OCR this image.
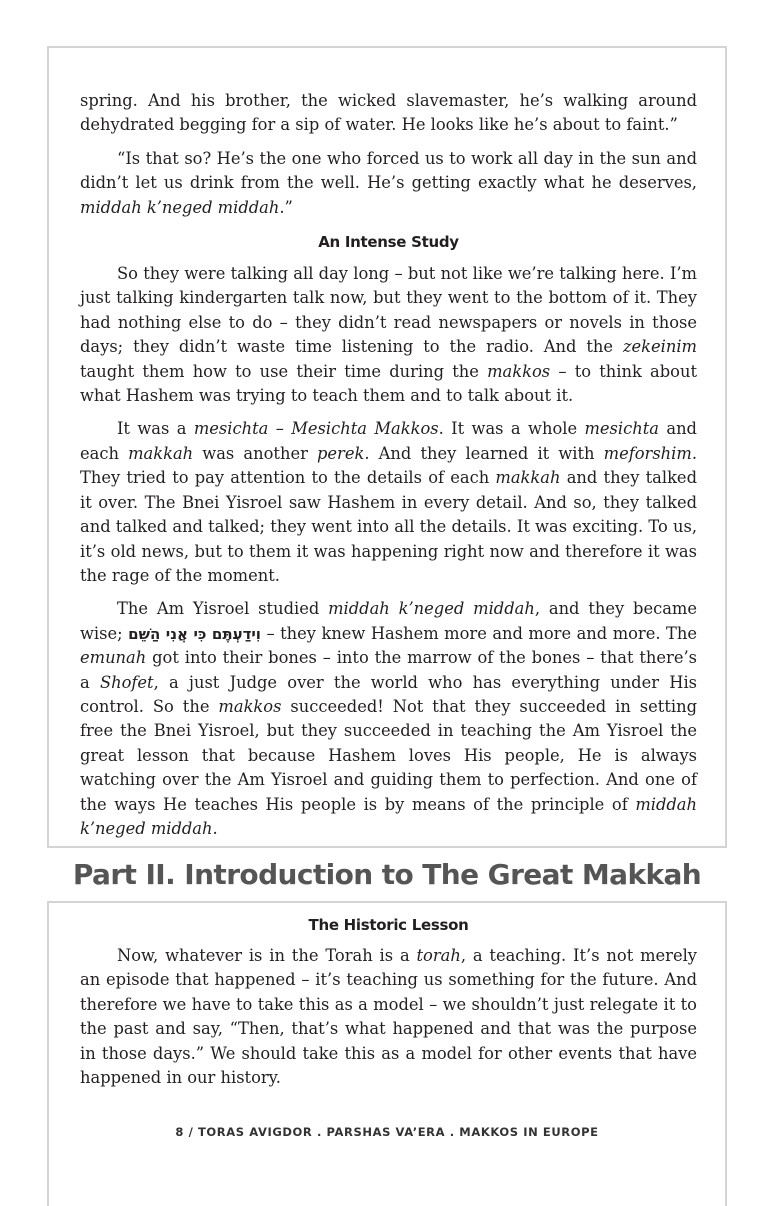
spring. And his brother, the wicked slavemaster, he’s walking around dehydrated begging for a sip of water. He looks like he’s about to faint.”

“Is that so? He’s the one who forced us to work all day in the sun and didn’t let us drink from the well. He’s getting exactly what he deserves, middah k’neged middah.”

An Intense Study

So they were talking all day long – but not like we’re talking here. I’m just talking kindergarten talk now, but they went to the bottom of it. They had nothing else to do – they didn’t read newspapers or novels in those days; they didn’t waste time listening to the radio. And the zekeinim taught them how to use their time during the makkos – to think about what Hashem was trying to teach them and to talk about it.

It was a mesichta – Mesichta Makkos. It was a whole mesichta and each makkah was another perek. And they learned it with meforshim. They tried to pay attention to the details of each makkah and they talked it over. The Bnei Yisroel saw Hashem in every detail. And so, they talked and talked and talked; they went into all the details. It was exciting. To us, it’s old news, but to them it was happening right now and therefore it was the rage of the moment.

The Am Yisroel studied middah k’neged middah, and they became wise; וִידַעְתֶּם כִּי אֲנִי הַשֵּׁם – they knew Hashem more and more and more. The emunah got into their bones – into the marrow of the bones – that there’s a Shofet, a just Judge over the world who has everything under His control. So the makkos succeeded! Not that they succeeded in setting free the Bnei Yisroel, but they succeeded in teaching the Am Yisroel the great lesson that because Hashem loves His people, He is always watching over the Am Yisroel and guiding them to perfection. And one of the ways He teaches His people is by means of the principle of middah k’neged middah.

Part II. Introduction to The Great Makkah
The Historic Lesson

Now, whatever is in the Torah is a torah, a teaching. It’s not merely an episode that happened – it’s teaching us something for the future. And therefore we have to take this as a model – we shouldn’t just relegate it to the past and say, “Then, that’s what happened and that was the purpose in those days.” We should take this as a model for other events that have happened in our history.

8 / TORAS AVIGDOR . PARSHAS VA’ERA . MAKKOS IN EUROPE
